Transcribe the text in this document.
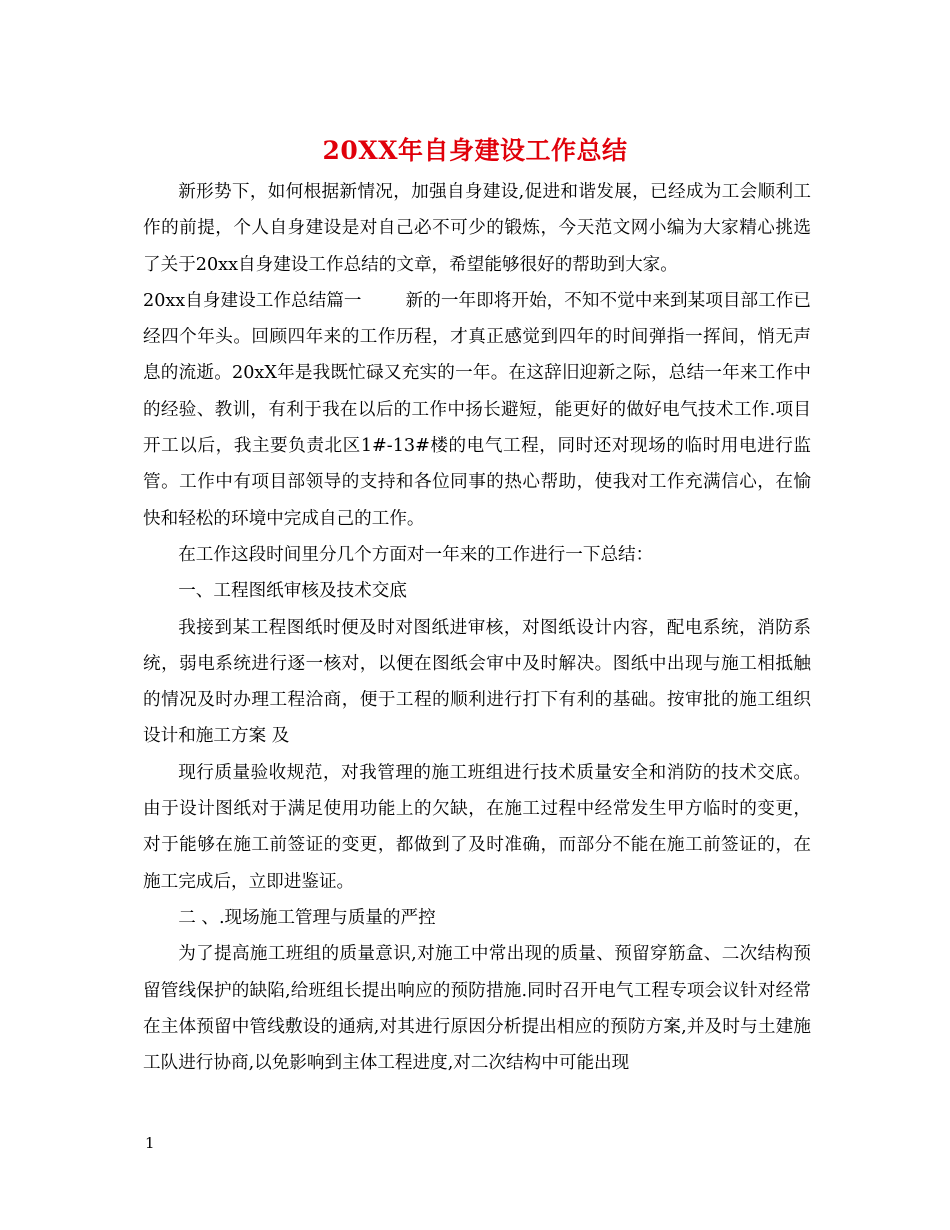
20XX年自身建设工作总结

新形势下，如何根据新情况，加强自身建设,促进和谐发展，已经成为工会顺利工作的前提，个人自身建设是对自己必不可少的锻炼，今天范文网小编为大家精心挑选了关于20xx自身建设工作总结的文章，希望能够很好的帮助到大家。

20xx自身建设工作总结篇一	新的一年即将开始，不知不觉中来到某项目部工作已经四个年头。回顾四年来的工作历程，才真正感觉到四年的时间弹指一挥间，悄无声息的流逝。20xX年是我既忙碌又充实的一年。在这辞旧迎新之际，总结一年来工作中的经验、教训，有利于我在以后的工作中扬长避短，能更好的做好电气技术工作.项目开工以后，我主要负责北区1#-13#楼的电气工程，同时还对现场的临时用电进行监管。工作中有项目部领导的支持和各位同事的热心帮助，使我对工作充满信心，在愉快和轻松的环境中完成自己的工作。

在工作这段时间里分几个方面对一年来的工作进行一下总结：

一、工程图纸审核及技术交底

我接到某工程图纸时便及时对图纸进审核，对图纸设计内容，配电系统，消防系统，弱电系统进行逐一核对，以便在图纸会审中及时解决。图纸中出现与施工相抵触的情况及时办理工程洽商，便于工程的顺利进行打下有利的基础。按审批的施工组织设计和施工方案 及

现行质量验收规范，对我管理的施工班组进行技术质量安全和消防的技术交底。由于设计图纸对于满足使用功能上的欠缺，在施工过程中经常发生甲方临时的变更，对于能够在施工前签证的变更，都做到了及时准确，而部分不能在施工前签证的，在施工完成后，立即进鉴证。

二 、.现场施工管理与质量的严控

为了提高施工班组的质量意识,对施工中常出现的质量、预留穿筋盒、二次结构预留管线保护的缺陷,给班组长提出响应的预防措施.同时召开电气工程专项会议针对经常在主体预留中管线敷设的通病,对其进行原因分析提出相应的预防方案,并及时与土建施工队进行协商,以免影响到主体工程进度,对二次结构中可能出现

1
